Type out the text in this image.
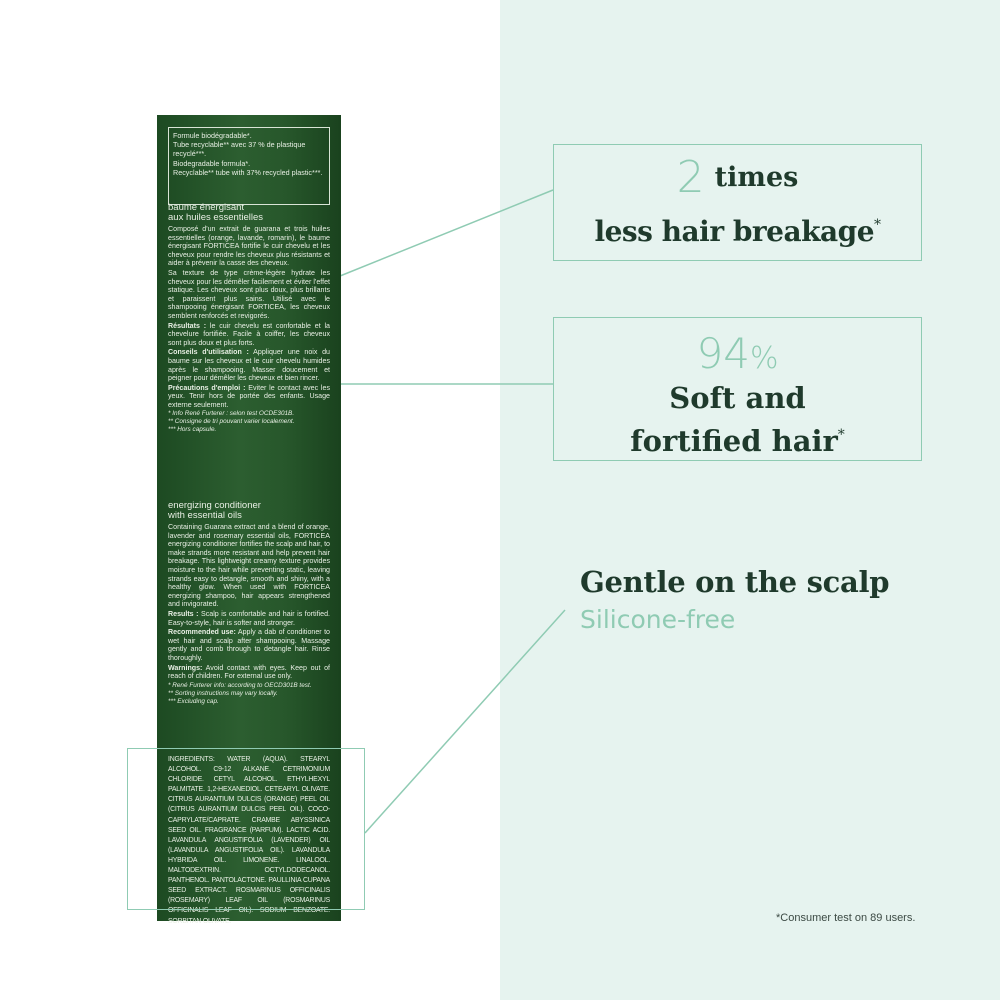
Formule biodégradable*.
Tube recyclable** avec 37 % de plastique recyclé***.
Biodegradable formula*.
Recyclable** tube with 37% recycled plastic***.
baume énergisant
aux huiles essentielles

Composé d'un extrait de guarana et trois huiles essentielles (orange, lavande, romarin), le baume énergisant FORTICEA fortifie le cuir chevelu et les cheveux pour rendre les cheveux plus résistants et aider à prévenir la casse des cheveux.

Sa texture de type crème-légère hydrate les cheveux pour les démêler facilement et éviter l'effet statique. Les cheveux sont plus doux, plus brillants et paraissent plus sains. Utilisé avec le shampooing énergisant FORTICEA, les cheveux semblent renforcés et revigorés.

Résultats : le cuir chevelu est confortable et la chevelure fortifiée. Facile à coiffer, les cheveux sont plus doux et plus forts.

Conseils d'utilisation : Appliquer une noix du baume sur les cheveux et le cuir chevelu humides après le shampooing. Masser doucement et peigner pour démêler les cheveux et bien rincer.

Précautions d'emploi : Eviter le contact avec les yeux. Tenir hors de portée des enfants. Usage externe seulement.

* Info René Furterer : selon test OCDE301B.
** Consigne de tri pouvant varier localement.
*** Hors capsule.
energizing conditioner
with essential oils

Containing Guarana extract and a blend of orange, lavender and rosemary essential oils, FORTICEA energizing conditioner fortifies the scalp and hair, to make strands more resistant and help prevent hair breakage. This lightweight creamy texture provides moisture to the hair while preventing static, leaving strands easy to detangle, smooth and shiny, with a healthy glow. When used with FORTICEA energizing shampoo, hair appears strengthened and invigorated.

Results : Scalp is comfortable and hair is fortified. Easy-to-style, hair is softer and stronger.

Recommended use: Apply a dab of conditioner to wet hair and scalp after shampooing. Massage gently and comb through to detangle hair. Rinse thoroughly.

Warnings: Avoid contact with eyes. Keep out of reach of children. For external use only.

* René Furterer info: according to OECD301B test.
** Sorting instructions may vary locally.
*** Excluding cap.
INGREDIENTS: WATER (AQUA). STEARYL ALCOHOL. C9-12 ALKANE. CETRIMONIUM CHLORIDE. CETYL ALCOHOL. ETHYLHEXYL PALMITATE. 1,2-HEXANEDIOL. CETEARYL OLIVATE. CITRUS AURANTIUM DULCIS (ORANGE) PEEL OIL (CITRUS AURANTIUM DULCIS PEEL OIL). COCO-CAPRYLATE/CAPRATE. CRAMBE ABYSSINICA SEED OIL. FRAGRANCE (PARFUM). LACTIC ACID. LAVANDULA ANGUSTIFOLIA (LAVENDER) OIL (LAVANDULA ANGUSTIFOLIA OIL). LAVANDULA HYBRIDA OIL. LIMONENE. LINALOOL. MALTODEXTRIN. OCTYLDODECANOL. PANTHENOL. PANTOLACTONE. PAULLINIA CUPANA SEED EXTRACT. ROSMARINUS OFFICINALIS (ROSEMARY) LEAF OIL (ROSMARINUS OFFICINALIS LEAF OIL). SODIUM BENZOATE. SORBITAN OLIVATE.
2 times
less hair breakage*
94%
Soft and
fortified hair*
Gentle on the scalp
Silicone-free
*Consumer test on 89 users.
